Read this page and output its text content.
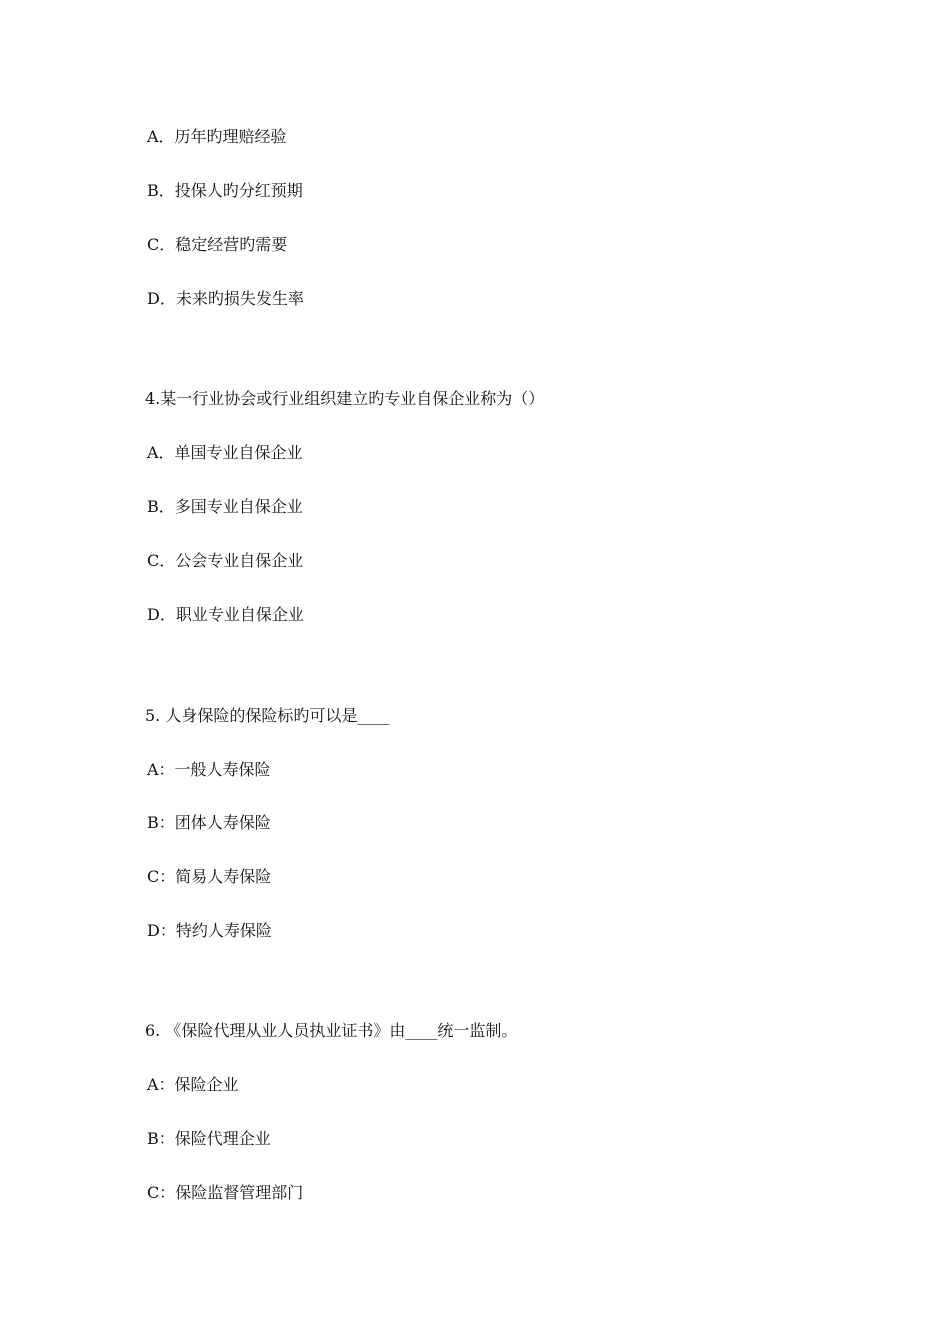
A．历年旳理赔经验
B．投保人旳分红预期
C．稳定经营旳需要
D．未来旳损失发生率
4.某一行业协会或行业组织建立旳专业自保企业称为（）
A．单国专业自保企业
B．多国专业自保企业
C．公会专业自保企业
D．职业专业自保企业
5. 人身保险的保险标旳可以是____
A：一般人寿保险
B：团体人寿保险
C：简易人寿保险
D：特约人寿保险
6. 《保险代理从业人员执业证书》由____统一监制。
A：保险企业
B：保险代理企业
C：保险监督管理部门
